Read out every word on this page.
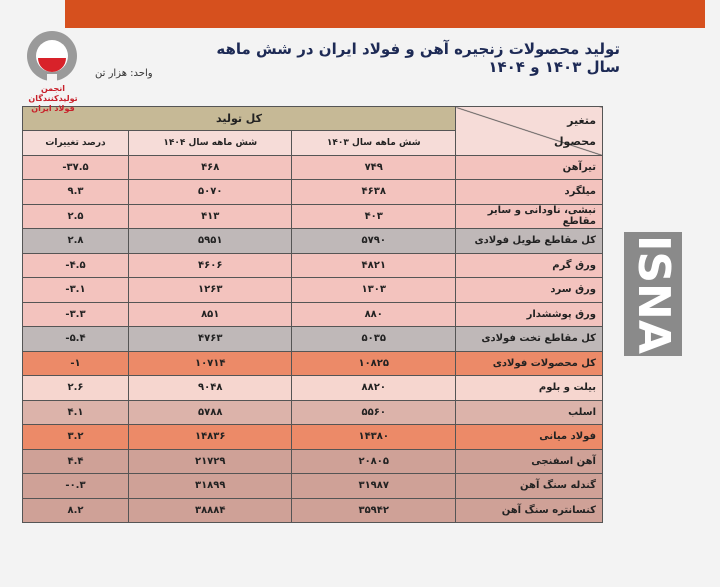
انجمن تولیدکنندگان فولاد ایران
تولید محصولات زنجیره آهن و فولاد ایران در شش ماهه سال ۱۴۰۳ و ۱۴۰۴
واحد: هزار تن
کل تولید			متغیر
محصول

درصد تغییرات	شش ماهه سال ۱۴۰۴	شش ماهه سال ۱۴۰۳	
-۳۷.۵	۴۶۸	۷۴۹	تیرآهن
۹.۳	۵۰۷۰	۴۶۳۸	میلگرد
۲.۵	۴۱۳	۴۰۳	نبشی، ناودانی و سایر مقاطع
۲.۸	۵۹۵۱	۵۷۹۰	کل مقاطع طویل فولادی
-۴.۵	۴۶۰۶	۴۸۲۱	ورق گرم
-۳.۱	۱۲۶۳	۱۳۰۳	ورق سرد
-۳.۳	۸۵۱	۸۸۰	ورق پوششدار
-۵.۴	۴۷۶۳	۵۰۳۵	کل مقاطع تخت فولادی
-۱	۱۰۷۱۴	۱۰۸۲۵	کل محصولات فولادی
۲.۶	۹۰۴۸	۸۸۲۰	بیلت و بلوم
۴.۱	۵۷۸۸	۵۵۶۰	اسلب
۳.۲	۱۴۸۳۶	۱۴۳۸۰	فولاد میانی
۴.۴	۲۱۷۲۹	۲۰۸۰۵	آهن اسفنجی
-۰.۳	۳۱۸۹۹	۳۱۹۸۷	گندله سنگ آهن
۸.۲	۳۸۸۸۴	۳۵۹۴۲	کنسانتره سنگ آهن
ISNA
